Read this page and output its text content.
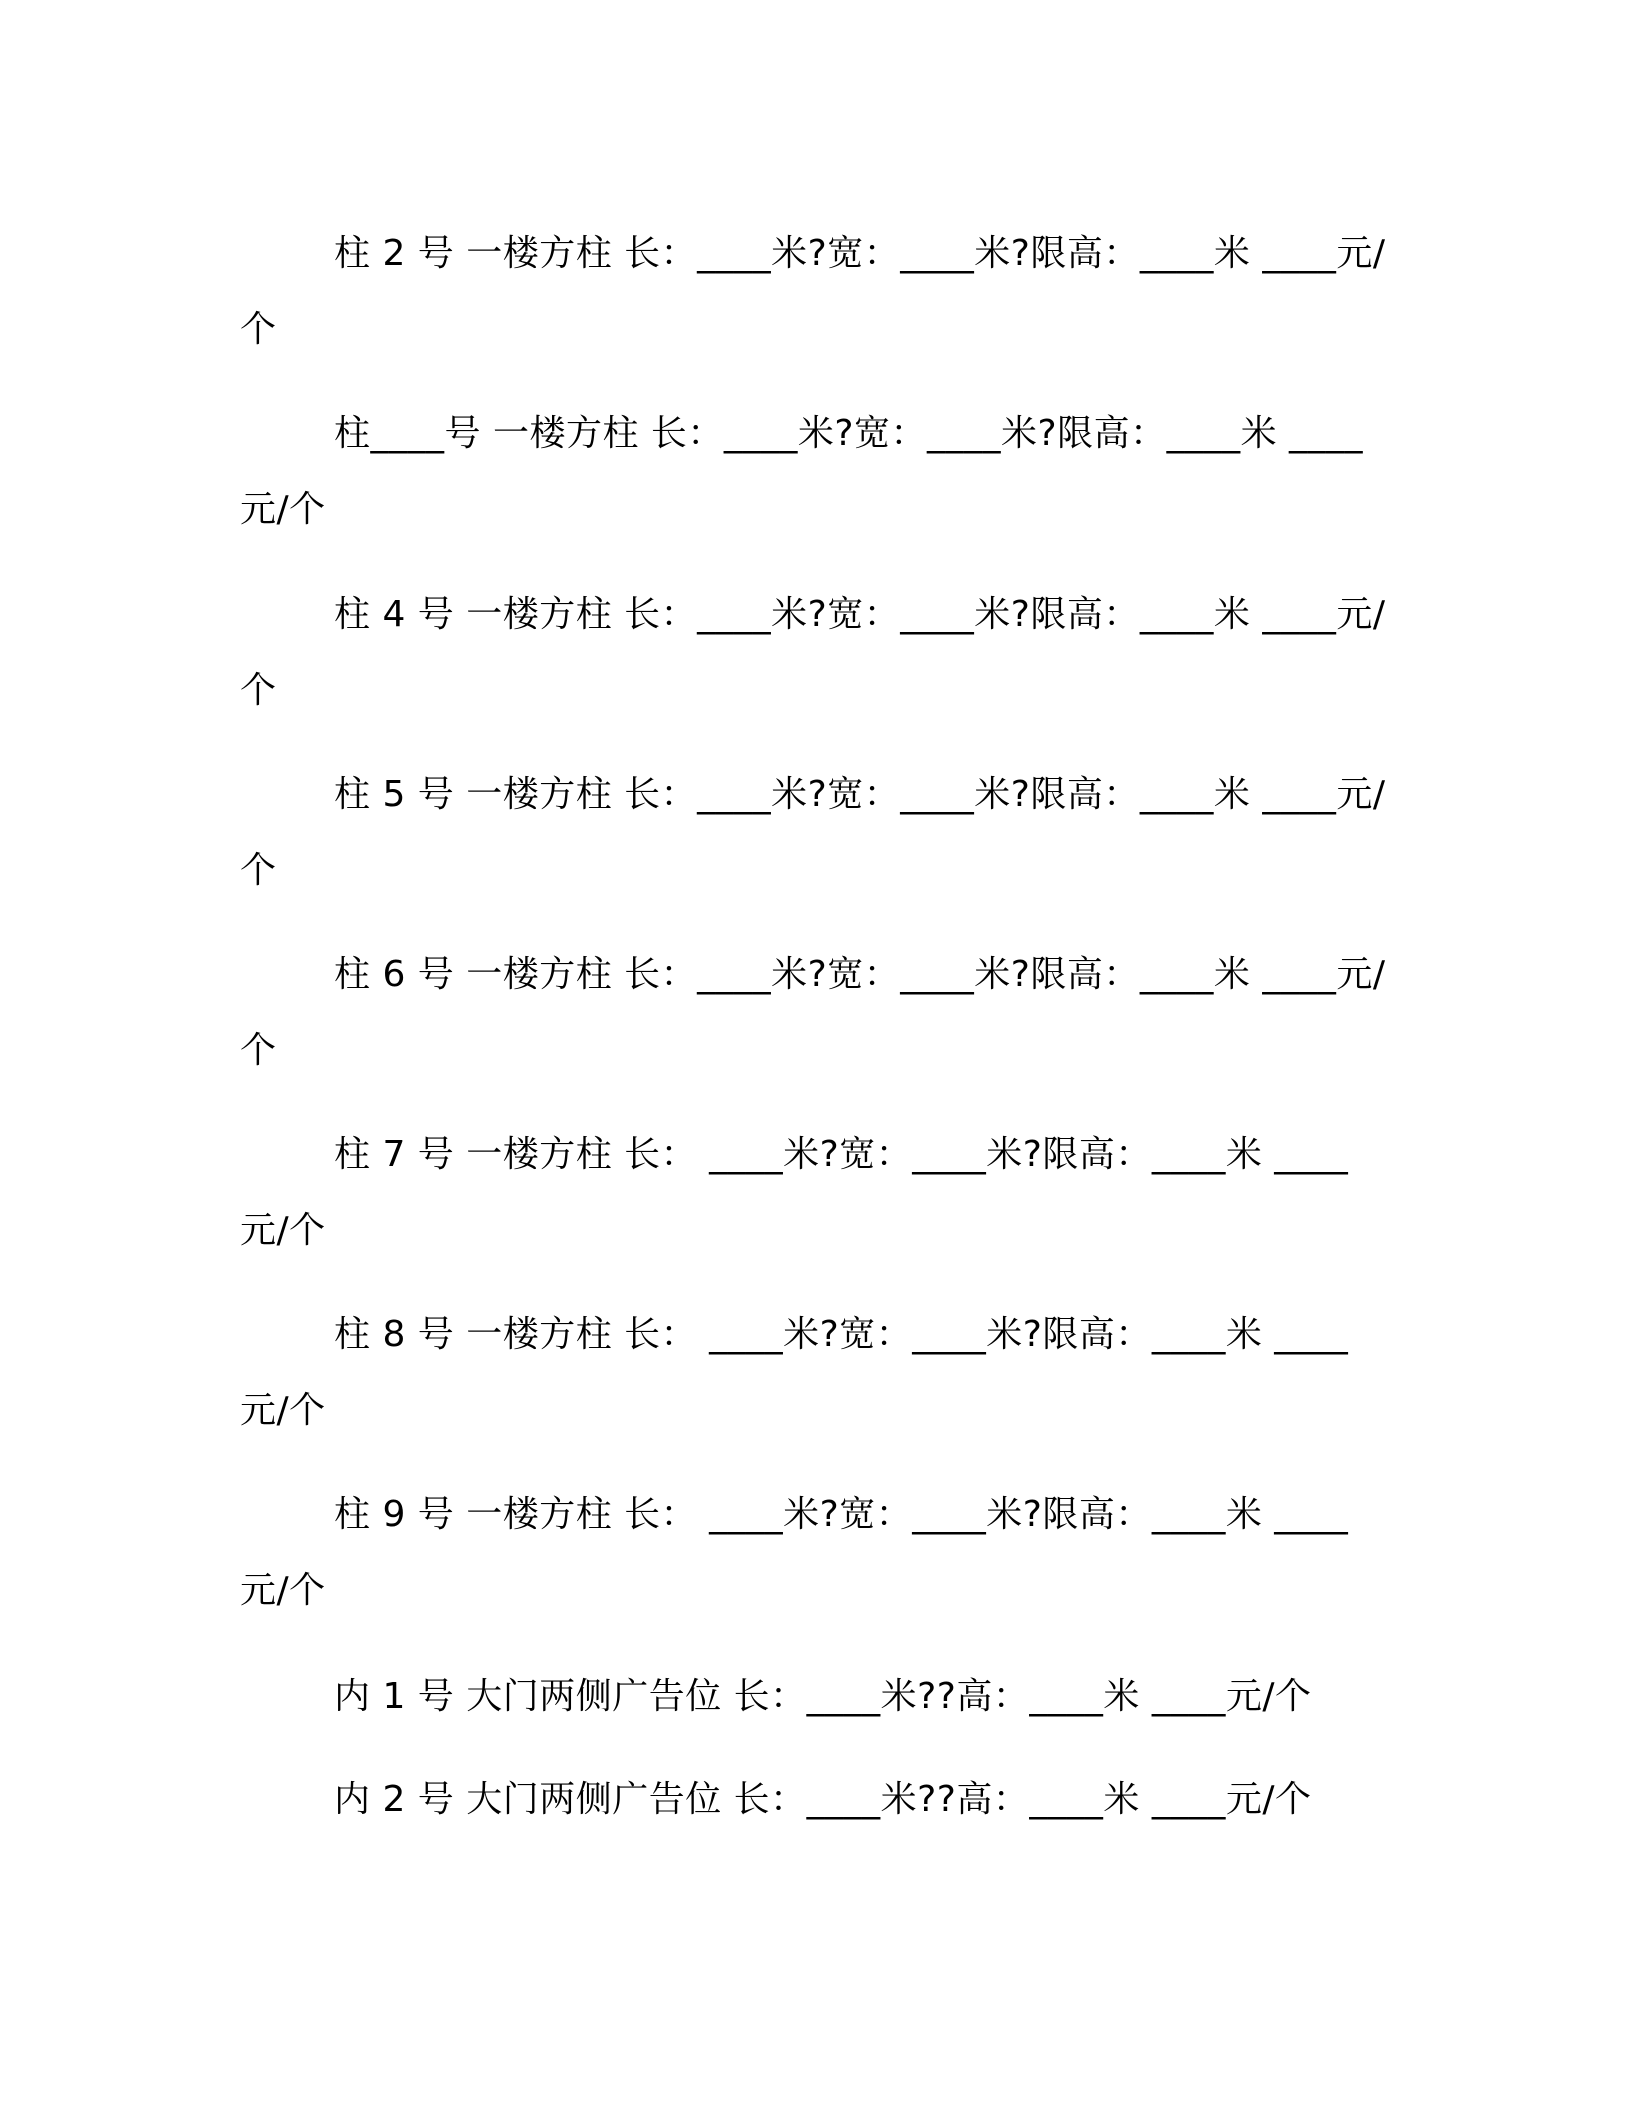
柱 2 号 一楼方柱 长：____米?宽：____米?限高：____米 ____元/个

柱____号 一楼方柱 长：____米?宽：____米?限高：____米 ____元/个

柱 4 号 一楼方柱 长：____米?宽：____米?限高：____米 ____元/个

柱 5 号 一楼方柱 长：____米?宽：____米?限高：____米 ____元/个

柱 6 号 一楼方柱 长：____米?宽：____米?限高：____米 ____元/个

柱 7 号 一楼方柱 长： ____米?宽：____米?限高：____米 ____元/个

柱 8 号 一楼方柱 长： ____米?宽：____米?限高：____米 ____元/个

柱 9 号 一楼方柱 长： ____米?宽：____米?限高：____米 ____元/个

内 1 号 大门两侧广告位 长：____米??高：____米 ____元/个

内 2 号 大门两侧广告位 长：____米??高：____米 ____元/个
